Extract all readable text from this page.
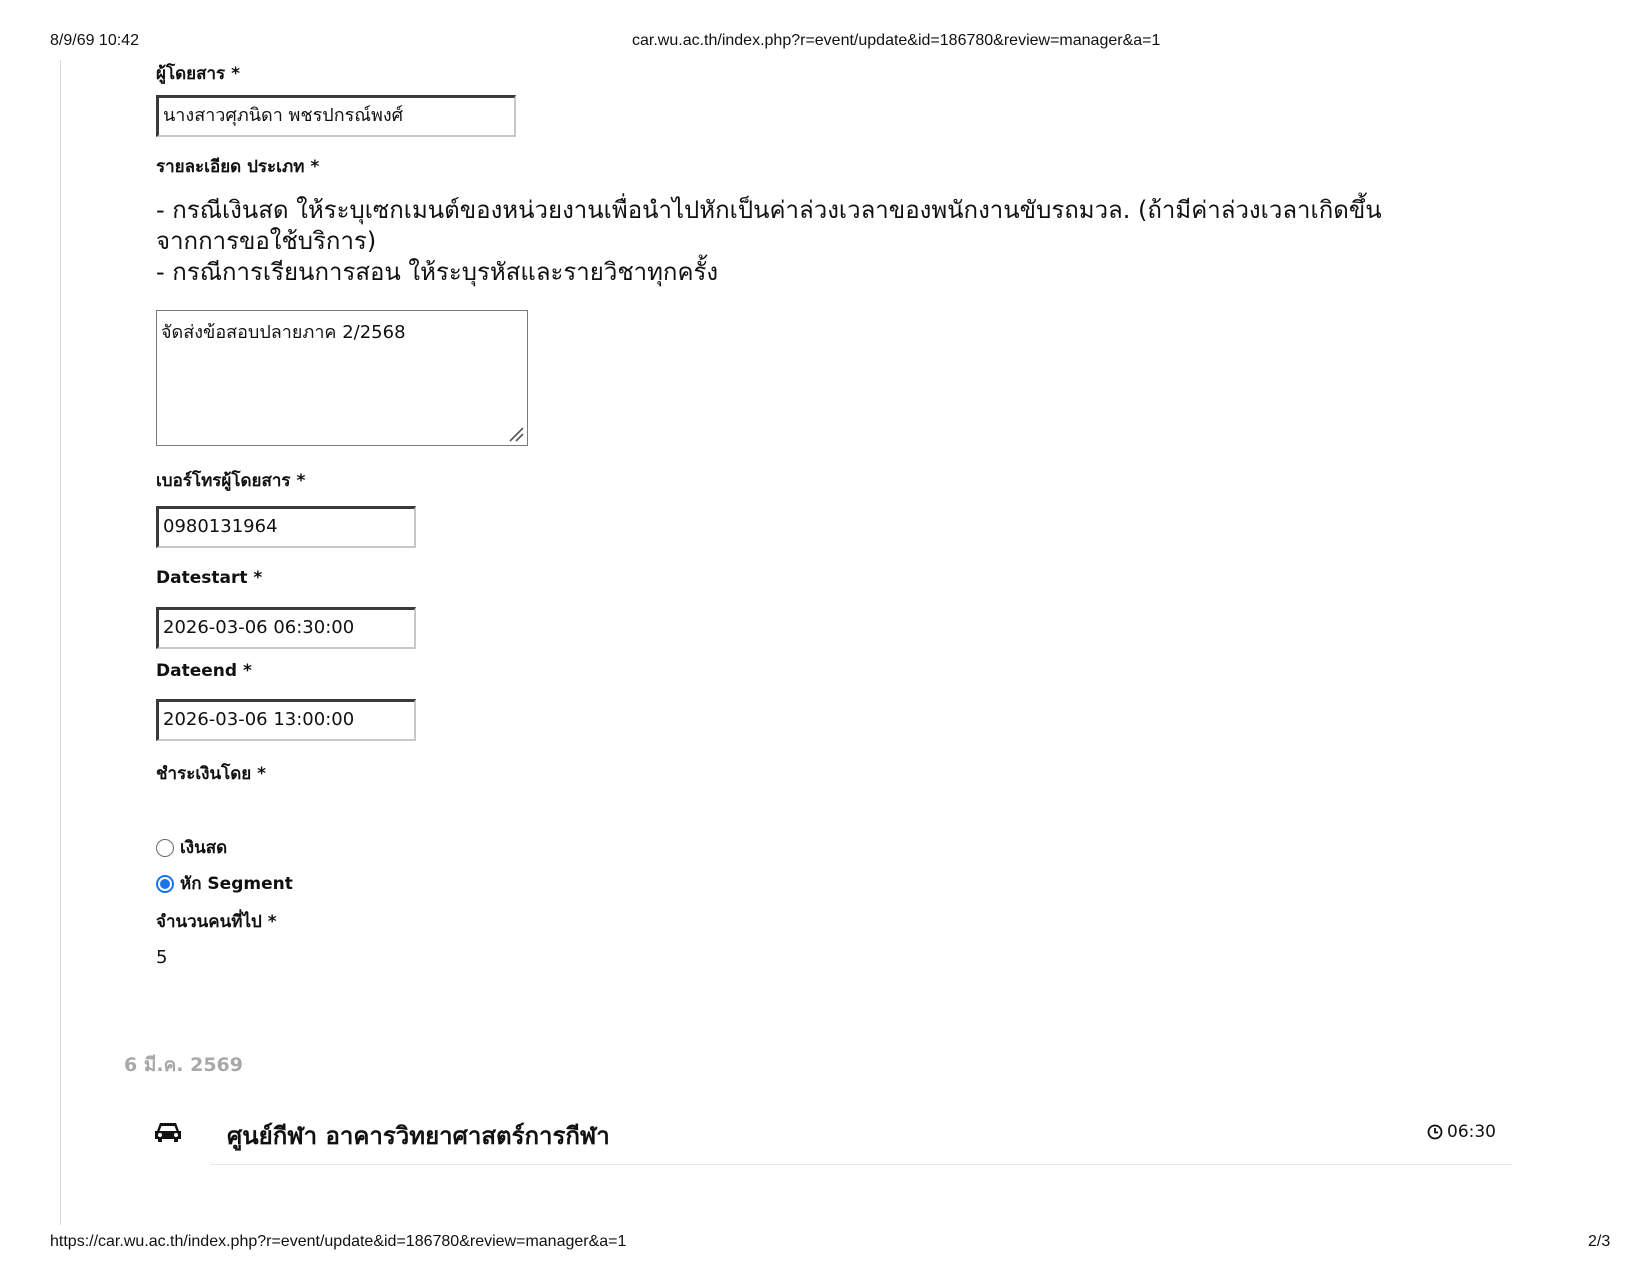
8/9/69 10:42	car.wu.ac.th/index.php?r=event/update&id=186780&review=manager&a=1
ผู้โดยสาร *
นางสาวศุภนิดา พชรปกรณ์พงศ์
รายละเอียด ประเภท *
- กรณีเงินสด ให้ระบุเซกเมนต์ของหน่วยงานเพื่อนำไปหักเป็นค่าล่วงเวลาของพนักงานขับรถมวล. (ถ้ามีค่าล่วงเวลาเกิดขึ้น
จากการขอใช้บริการ)
- กรณีการเรียนการสอน ให้ระบุรหัสและรายวิชาทุกครั้ง
จัดส่งข้อสอบปลายภาค 2/2568
เบอร์โทรผู้โดยสาร *
0980131964
Datestart *
2026-03-06 06:30:00
Dateend *
2026-03-06 13:00:00
ชำระเงินโดย *
เงินสด
หัก Segment
จำนวนคนที่ไป *
5
6 มี.ค. 2569
ศูนย์กีฬา อาคารวิทยาศาสตร์การกีฬา	06:30
https://car.wu.ac.th/index.php?r=event/update&id=186780&review=manager&a=1	2/3
